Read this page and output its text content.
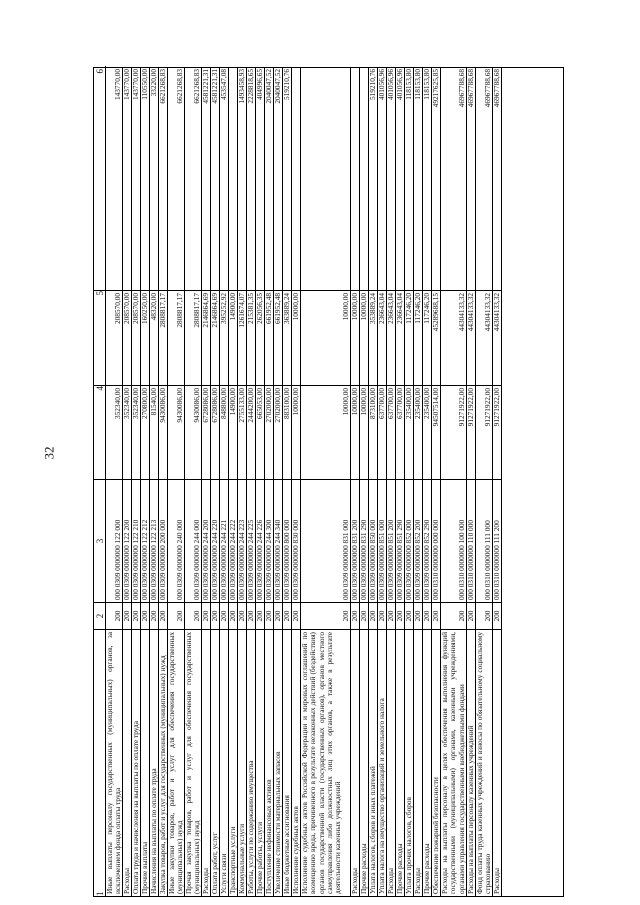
32
1
2
3
4
5
6
Иные выплаты персоналу государственных (муниципальных) органов, за исключением фонда оплаты труда
200
000 0309 0000000 122 000
352340,00
208570,00
143770,00
Расходы
200
000 0309 0000000 122 200
352340,00
208570,00
143770,00
Оплата труда и начисления на выплаты по оплате труда
200
000 0309 0000000 122 210
352340,00
208570,00
143770,00
Прочие выплаты
200
000 0309 0000000 122 212
270800,00
160250,00
110550,00
Начисления на выплаты по оплате труда
200
000 0309 0000000 122 213
81540,00
48320,00
33220,00
Закупка товаров, работ и услуг для государственных (муниципальных) нужд
200
000 0309 0000000 200 000
9430086,00
2808817,17
6621268,83
Иные закупки товаров, работ и услуг для обеспечения государственных (муниципальных) нужд
200
000 0309 0000000 240 000
9430086,00
2808817,17
6621268,83
Прочая закупка товаров, работ и услуг для обеспечения государственных (муниципальных) нужд
200
000 0309 0000000 244 000
9430086,00
2808817,17
6621268,83
Расходы
200
000 0309 0000000 244 200
6728086,00
2146864,69
4581221,31
Оплата работ, услуг
200
000 0309 0000000 244 220
6728086,00
2146864,69
4581221,31
Услуги связи
200
000 0309 0000000 244 221
848800,00
395252,92
453547,08
Транспортные услуги
200
000 0309 0000000 244 222
14900,00
14900,00
Коммунальные услуги
200
000 0309 0000000 244 223
2755133,00
1261674,07
1493458,93
Работы, услуги по содержанию имущества
200
000 0309 0000000 244 225
2444200,00
215381,35
2228818,65
Прочие работы, услуги
200
000 0309 0000000 244 226
665053,00
262056,35
404996,65
Поступление нефинансовых активов
200
000 0309 0000000 244 300
2702000,00
661952,48
2040047,52
Увеличение стоимости материальных запасов
200
000 0309 0000000 244 340
2702000,00
661952,48
2040047,52
Иные бюджетные ассигнования
200
000 0309 0000000 800 000
883100,00
363889,24
519210,76
Исполнение судебных актов
200
000 0309 0000000 830 000
10000,00
10000,00
Исполнение судебных актов Российской Федерации и мировых соглашений по возмещению вреда, причиненного в результате незаконных действий (бездействия) органов государственной власти (государственных органов), органов местного самоуправления либо должностных лиц этих органов, а также в результате деятельности казенных учреждений
200
000 0309 0000000 831 000
10000,00
10000,00
Расходы
200
000 0309 0000000 831 200
10000,00
10000,00
Прочие расходы
200
000 0309 0000000 831 290
10000,00
10000,00
Уплата налогов, сборов и иных платежей
200
000 0309 0000000 850 000
873100,00
353889,24
519210,76
Уплата налога на имущество организаций и земельного налога
200
000 0309 0000000 851 000
637700,00
236643,04
401056,96
Расходы
200
000 0309 0000000 851 200
637700,00
236643,04
401056,96
Прочие расходы
200
000 0309 0000000 851 290
637700,00
236643,04
401056,96
Уплата прочих налогов, сборов
200
000 0309 0000000 852 000
235400,00
117246,20
118153,80
Расходы
200
000 0309 0000000 852 200
235400,00
117246,20
118153,80
Прочие расходы
200
000 0309 0000000 852 290
235400,00
117246,20
118153,80
Обеспечение пожарной безопасности
200
000 0310 0000000 000 000
94507514,00
45289688,15
49217625,85
Расходы на выплаты персоналу в целях обеспечения выполнения функций государственными (муниципальными) органами, казенными учреждениями, органами управления государственными внебюджетными фондами
200
000 0310 0000000 100 000
91271922,00
44304133,32
46967788,68
Расходы на выплаты персоналу казенных учреждений
200
000 0310 0000000 110 000
91271922,00
44304133,32
46967788,68
Фонд оплаты труда казенных учреждений и взносы по обязательному социальному страхованию
200
000 0310 0000000 111 000
91271922,00
44304133,32
46967788,68
Расходы
200
000 0310 0000000 111 200
91271922,00
44304133,32
46967788,68
